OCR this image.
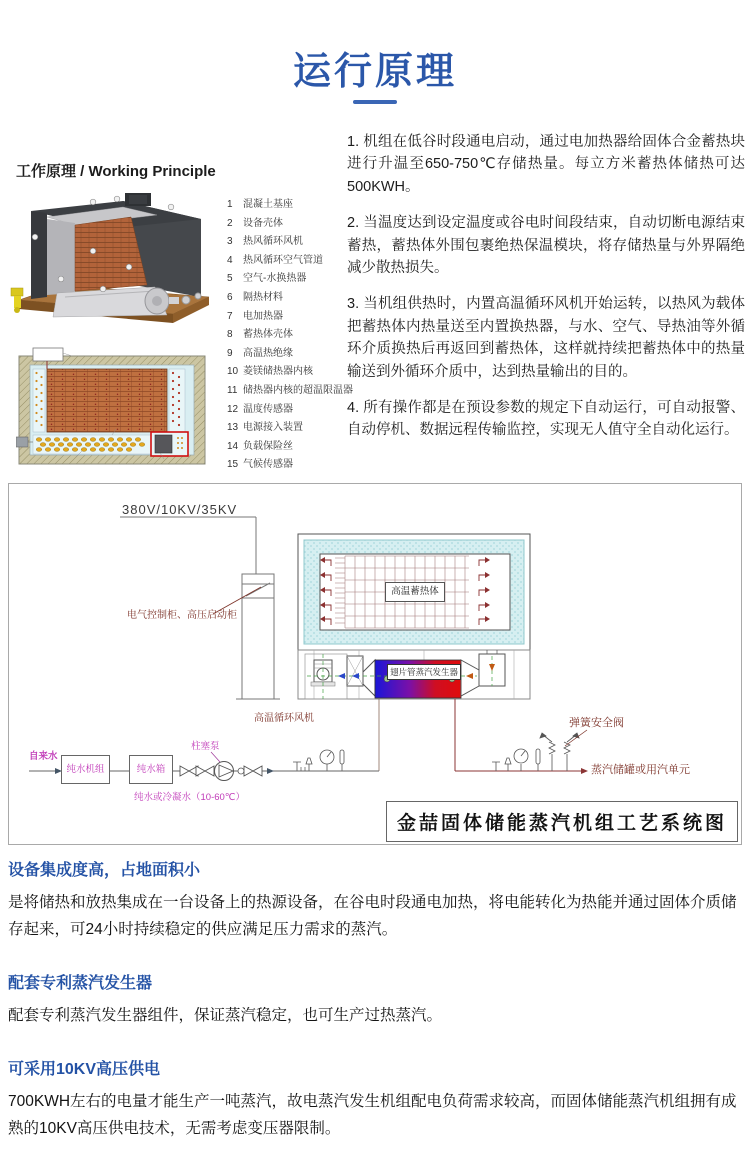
运行原理
工作原理 / Working Principle
1	混凝土基座
2	设备壳体
3	热风循环风机
4	热风循环空气管道
5	空气-水换热器
6	隔热材料
7	电加热器
8	蓄热体壳体
9	高温热绝缘
10 菱镁储热器内核
11 储热器内核的超温限温器
12 温度传感器
13 电源接入装置
14 负载保险丝
15 气候传感器

1. 机组在低谷时段通电启动，通过电加热器给固体合金蓄热块进行升温至650-750℃存储热量。每立方米蓄热体储热可达500KWH。

2. 当温度达到设定温度或谷电时间段结束，自动切断电源结束蓄热，蓄热体外围包裹绝热保温模块，将存储热量与外界隔绝减少散热损失。

3. 当机组供热时，内置高温循环风机开始运转，以热风为载体把蓄热体内热量送至内置换热器，与水、空气、导热油等外循环介质换热后再返回到蓄热体，这样就持续把蓄热体中的热量输送到外循环介质中，达到热量输出的目的。

4. 所有操作都是在预设参数的规定下自动运行，可自动报警、自动停机、数据远程传输监控，实现无人值守全自动化运行。

380V/10KV/35KV
电气控制柜、高压启动柜
高温蓄热体
翅片管蒸汽发生器
高温循环风机
柱塞泵
自来水
纯水机组	纯水箱
纯水或冷凝水（10-60℃）
弹簧安全阀
蒸汽储罐或用汽单元
金喆固体储能蒸汽机组工艺系统图
设备集成度高，占地面积小

是将储热和放热集成在一台设备上的热源设备，在谷电时段通电加热，将电能转化为热能并通过固体介质储存起来，可24小时持续稳定的供应满足压力需求的蒸汽。

配套专利蒸汽发生器

配套专利蒸汽发生器组件，保证蒸汽稳定，也可生产过热蒸汽。

可采用10KV高压供电

700KWH左右的电量才能生产一吨蒸汽，故电蒸汽发生机组配电负荷需求较高，而固体储能蒸汽机组拥有成熟的10KV高压供电技术，无需考虑变压器限制。
